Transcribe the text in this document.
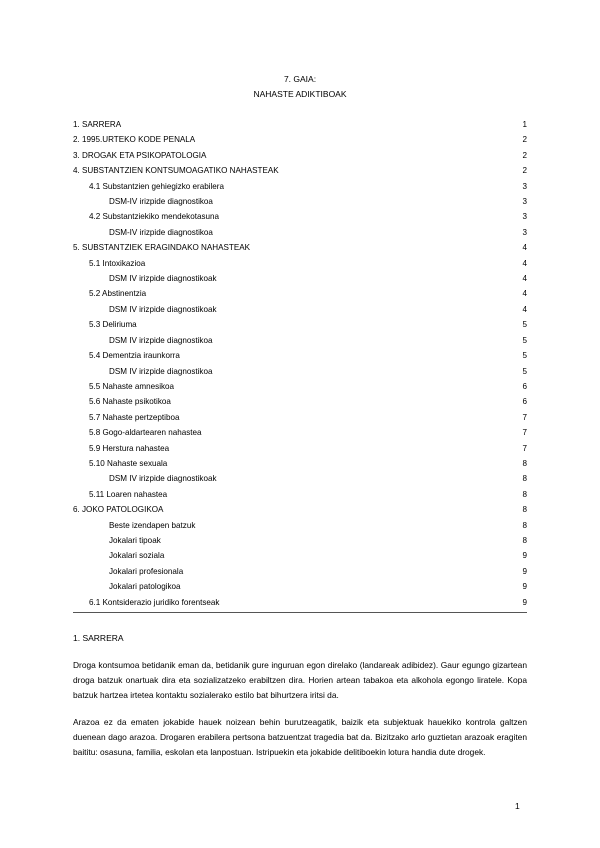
7. GAIA:
NAHASTE ADIKTIBOAK
1. SARRERA	1
2. 1995.URTEKO KODE PENALA	2
3. DROGAK ETA PSIKOPATOLOGIA	2
4. SUBSTANTZIEN KONTSUMOAGATIKO NAHASTEAK	2
4.1 Substantzien gehiegizko erabilera	3
DSM-IV irizpide diagnostikoa	3
4.2 Substantziekiko mendekotasuna	3
DSM-IV irizpide diagnostikoa	3
5. SUBSTANTZIEK ERAGINDAKO NAHASTEAK	4
5.1 Intoxikazioa	4
DSM IV irizpide diagnostikoak	4
5.2 Abstinentzia	4
DSM IV irizpide diagnostikoak	4
5.3 Deliriuma	5
DSM IV irizpide diagnostikoa	5
5.4 Dementzia iraunkorra	5
DSM IV irizpide diagnostikoa	5
5.5 Nahaste amnesikoa	6
5.6 Nahaste psikotikoa	6
5.7 Nahaste pertzeptiboa	7
5.8 Gogo-aldartearen nahastea	7
5.9 Herstura nahastea	7
5.10 Nahaste sexuala	8
DSM IV irizpide diagnostikoak	8
5.11 Loaren nahastea	8
6. JOKO PATOLOGIKOA	8
Beste izendapen batzuk	8
Jokalari tipoak	8
Jokalari soziala	9
Jokalari profesionala	9
Jokalari patologikoa	9
6.1 Kontsiderazio juridiko forentseak	9
1. SARRERA

Droga kontsumoa betidanik eman da, betidanik gure inguruan egon direlako (landareak adibidez). Gaur egungo gizartean droga batzuk onartuak dira eta sozializatzeko erabiltzen dira. Horien artean tabakoa eta alkohola egongo liratele. Kopa batzuk hartzea irteteа kontaktu sozialerako estilo bat bihurtzera iritsi da.

Arazoa ez da ematen jokabide hauek noizean behin burutzeagatik, baizik eta subjektuak hauekiko kontrola galtzen duenean dago arazoa. Drogaren erabilera pertsona batzuentzat tragedia bat da. Bizitzako arlo guztietan arazoak eragiten baititu: osasuna, familia, eskolan eta lanpostuan. Istripuekin eta jokabide delitiboekin lotura handia dute drogek.

1
